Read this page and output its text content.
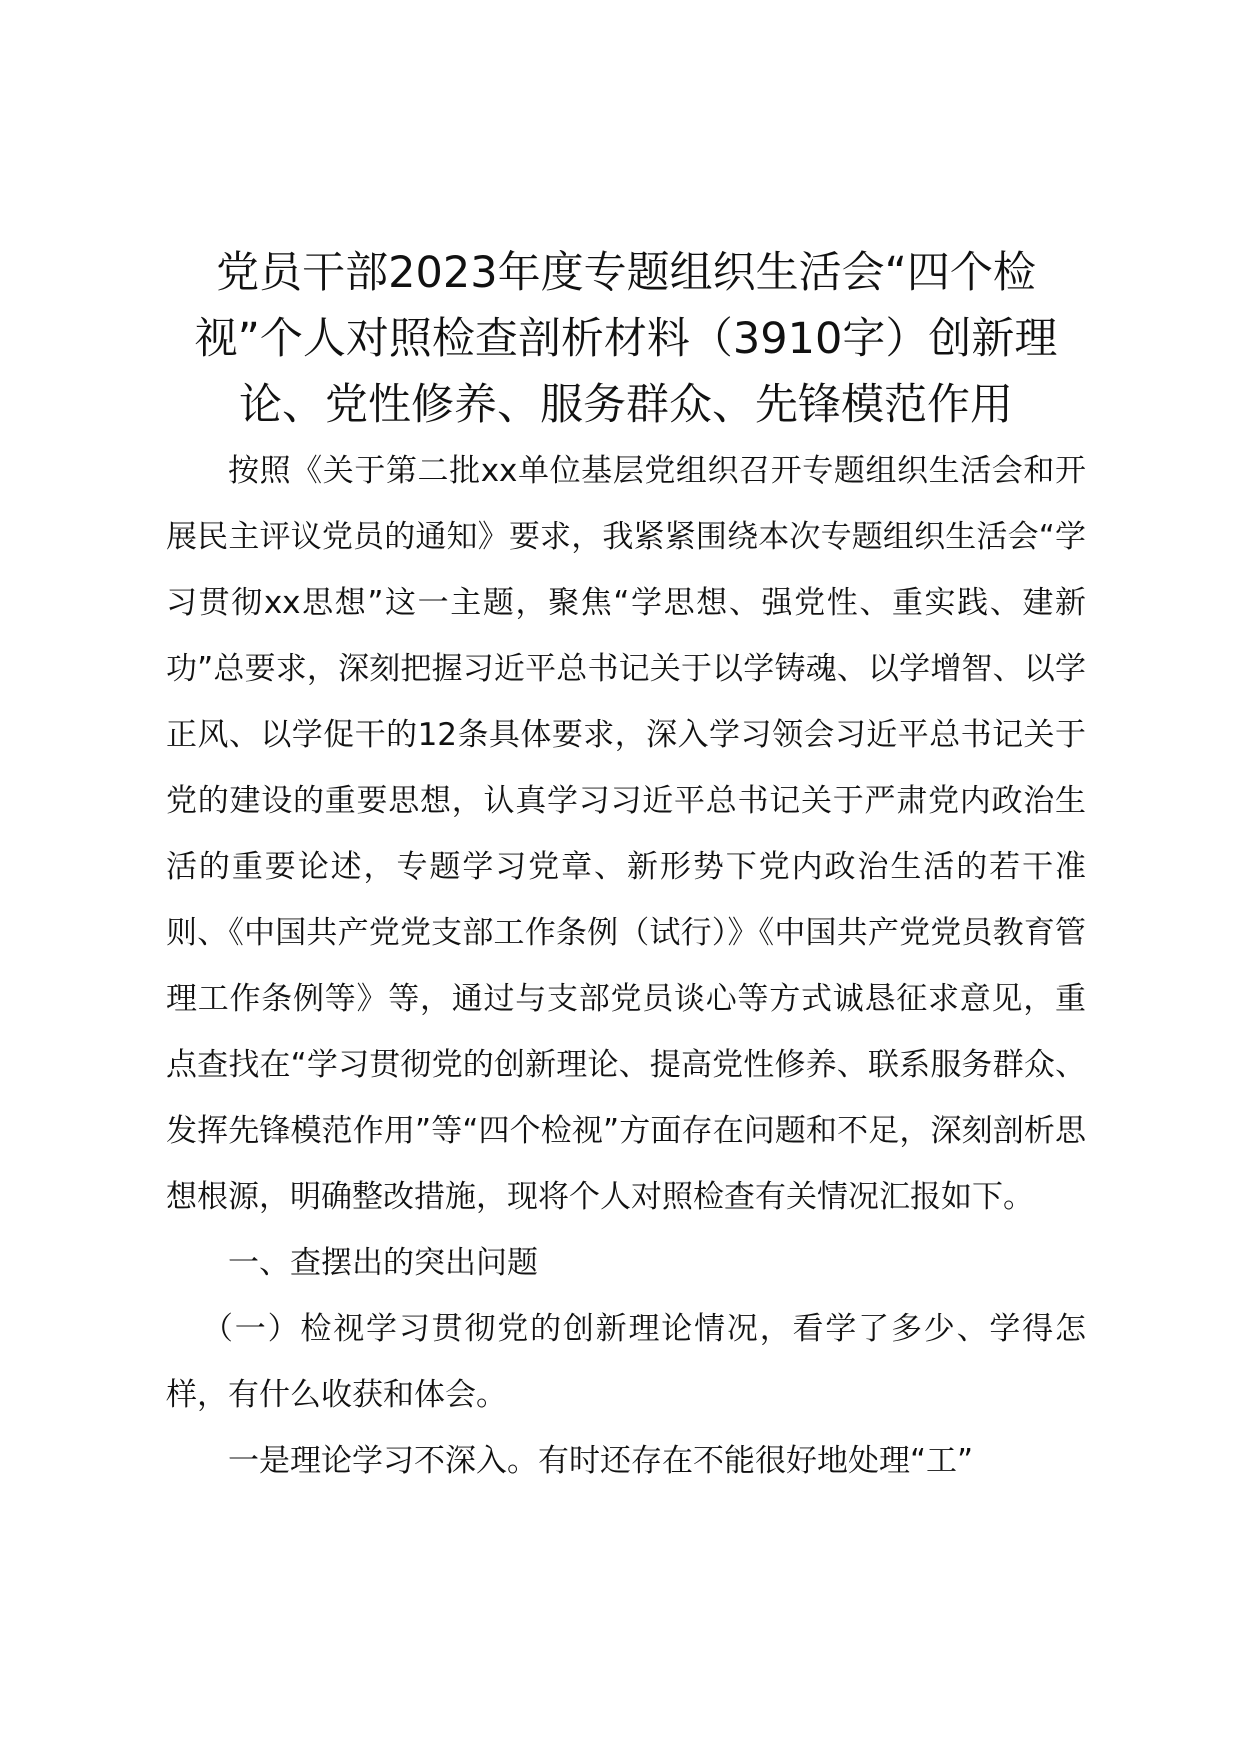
党员干部2023年度专题组织生活会“四个检视”个人对照检查剖析材料（3910字）创新理论、党性修养、服务群众、先锋模范作用

按照《关于第二批xx单位基层党组织召开专题组织生活会和开展民主评议党员的通知》要求，我紧紧围绕本次专题组织生活会“学习贯彻xx思想”这一主题，聚焦“学思想、强党性、重实践、建新功”总要求，深刻把握习近平总书记关于以学铸魂、以学增智、以学正风、以学促干的12条具体要求，深入学习领会习近平总书记关于党的建设的重要思想，认真学习习近平总书记关于严肃党内政治生活的重要论述，专题学习党章、新形势下党内政治生活的若干准则、《中国共产党党支部工作条例（试行）》《中国共产党党员教育管理工作条例等》等，通过与支部党员谈心等方式诚恳征求意见，重点查找在“学习贯彻党的创新理论、提高党性修养、联系服务群众、发挥先锋模范作用”等“四个检视”方面存在问题和不足，深刻剖析思想根源，明确整改措施，现将个人对照检查有关情况汇报如下。

一、查摆出的突出问题

（一）检视学习贯彻党的创新理论情况，看学了多少、学得怎样，有什么收获和体会。

一是理论学习不深入。有时还存在不能很好地处理“工”
